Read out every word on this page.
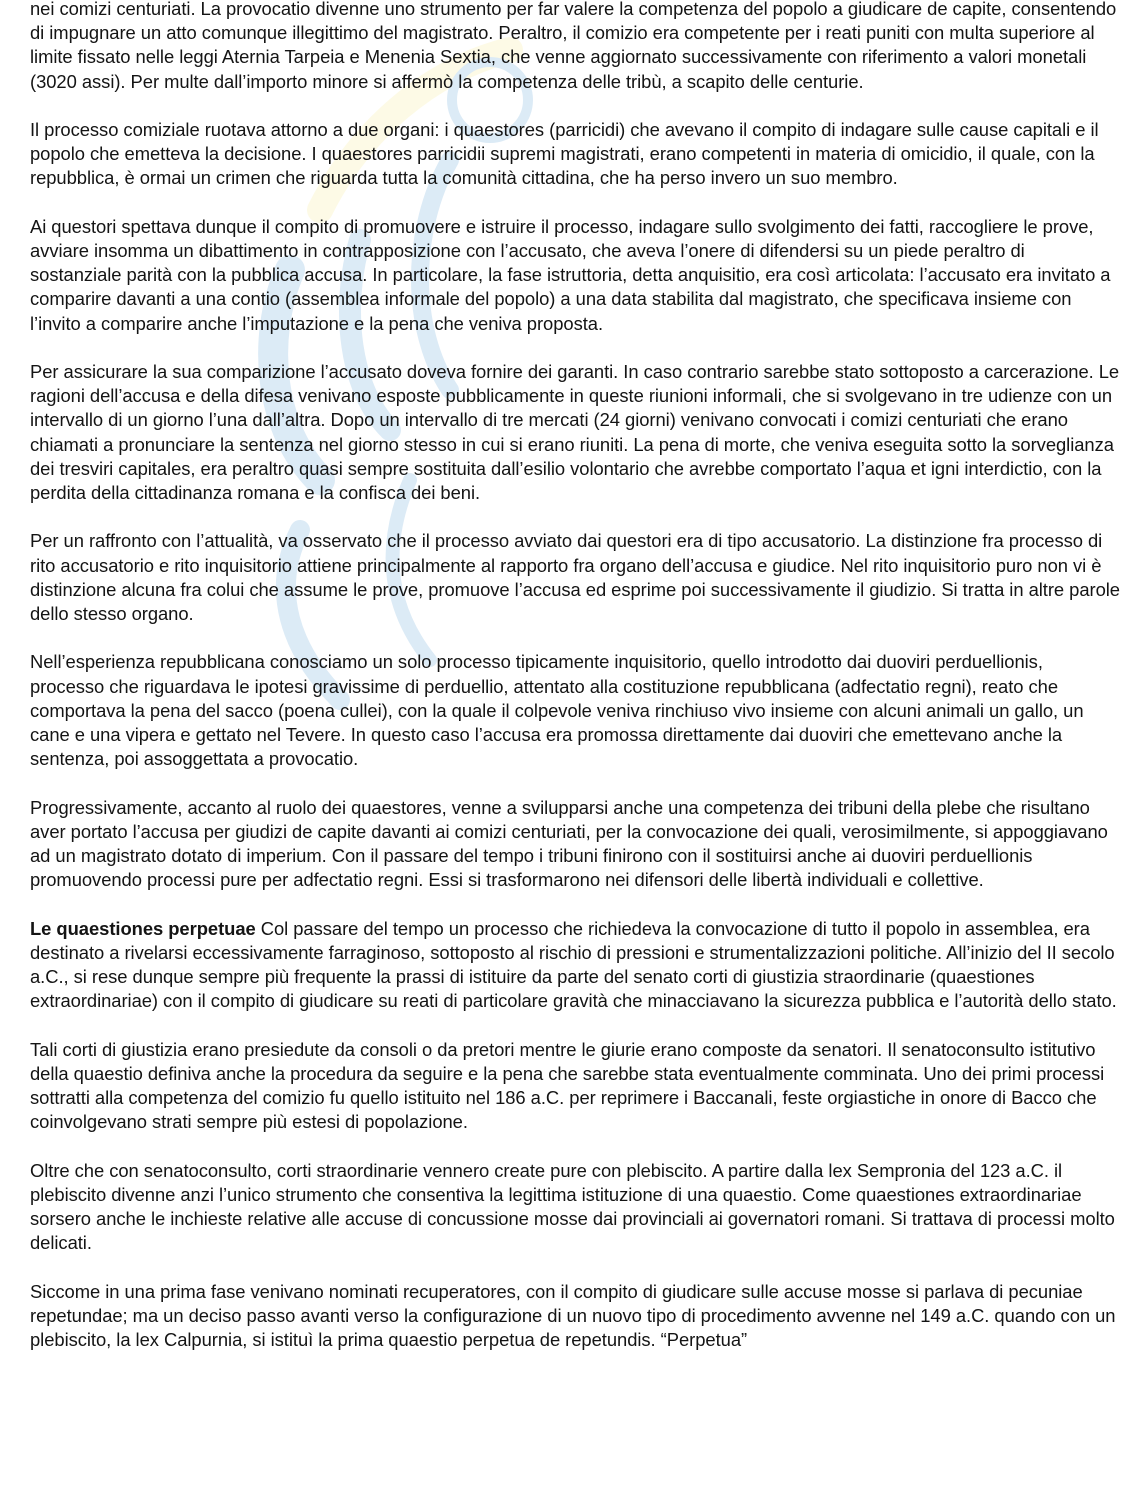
nei comizi centuriati. La provocatio divenne uno strumento per far valere la competenza del popolo a giudicare de capite, consentendo di impugnare un atto comunque illegittimo del magistrato. Peraltro, il comizio era competente per i reati puniti con multa superiore al limite fissato nelle leggi Aternia Tarpeia e Menenia Sextia, che venne aggiornato successivamente con riferimento a valori monetali (3020 assi). Per multe dall’importo minore si affermò la competenza delle tribù, a scapito delle centurie.

Il processo comiziale ruotava attorno a due organi: i quaestores (parricidi) che avevano il compito di indagare sulle cause capitali e il popolo che emetteva la decisione. I quaestores parricidii supremi magistrati, erano competenti in materia di omicidio, il quale, con la repubblica, è ormai un crimen che riguarda tutta la comunità cittadina, che ha perso invero un suo membro.

Ai questori spettava dunque il compito di promuovere e istruire il processo, indagare sullo svolgimento dei fatti, raccogliere le prove, avviare insomma un dibattimento in contrapposizione con l’accusato, che aveva l’onere di difendersi su un piede peraltro di sostanziale parità con la pubblica accusa. In particolare, la fase istruttoria, detta anquisitio, era così articolata: l’accusato era invitato a comparire davanti a una contio (assemblea informale del popolo) a una data stabilita dal magistrato, che specificava insieme con l’invito a comparire anche l’imputazione e la pena che veniva proposta.

Per assicurare la sua comparizione l’accusato doveva fornire dei garanti. In caso contrario sarebbe stato sottoposto a carcerazione. Le ragioni dell’accusa e della difesa venivano esposte pubblicamente in queste riunioni informali, che si svolgevano in tre udienze con un intervallo di un giorno l’una dall’altra. Dopo un intervallo di tre mercati (24 giorni) venivano convocati i comizi centuriati che erano chiamati a pronunciare la sentenza nel giorno stesso in cui si erano riuniti. La pena di morte, che veniva eseguita sotto la sorveglianza dei tresviri capitales, era peraltro quasi sempre sostituita dall’esilio volontario che avrebbe comportato l’aqua et igni interdictio, con la perdita della cittadinanza romana e la confisca dei beni.

Per un raffronto con l’attualità, va osservato che il processo avviato dai questori era di tipo accusatorio. La distinzione fra processo di rito accusatorio e rito inquisitorio attiene principalmente al rapporto fra organo dell’accusa e giudice. Nel rito inquisitorio puro non vi è distinzione alcuna fra colui che assume le prove, promuove l’accusa ed esprime poi successivamente il giudizio. Si tratta in altre parole dello stesso organo.

Nell’esperienza repubblicana conosciamo un solo processo tipicamente inquisitorio, quello introdotto dai duoviri perduellionis, processo che riguardava le ipotesi gravissime di perduellio, attentato alla costituzione repubblicana (adfectatio regni), reato che comportava la pena del sacco (poena cullei), con la quale il colpevole veniva rinchiuso vivo insieme con alcuni animali un gallo, un cane e una vipera e gettato nel Tevere. In questo caso l’accusa era promossa direttamente dai duoviri che emettevano anche la sentenza, poi assoggettata a provocatio.

Progressivamente, accanto al ruolo dei quaestores, venne a svilupparsi anche una competenza dei tribuni della plebe che risultano aver portato l’accusa per giudizi de capite davanti ai comizi centuriati, per la convocazione dei quali, verosimilmente, si appoggiavano ad un magistrato dotato di imperium. Con il passare del tempo i tribuni finirono con il sostituirsi anche ai duoviri perduellionis promuovendo processi pure per adfectatio regni. Essi si trasformarono nei difensori delle libertà individuali e collettive.

Le quaestiones perpetuae Col passare del tempo un processo che richiedeva la convocazione di tutto il popolo in assemblea, era destinato a rivelarsi eccessivamente farraginoso, sottoposto al rischio di pressioni e strumentalizzazioni politiche. All’inizio del II secolo a.C., si rese dunque sempre più frequente la prassi di istituire da parte del senato corti di giustizia straordinarie (quaestiones extraordinariae) con il compito di giudicare su reati di particolare gravità che minacciavano la sicurezza pubblica e l’autorità dello stato.

Tali corti di giustizia erano presiedute da consoli o da pretori mentre le giurie erano composte da senatori. Il senatoconsulto istitutivo della quaestio definiva anche la procedura da seguire e la pena che sarebbe stata eventualmente comminata. Uno dei primi processi sottratti alla competenza del comizio fu quello istituito nel 186 a.C. per reprimere i Baccanali, feste orgiastiche in onore di Bacco che coinvolgevano strati sempre più estesi di popolazione.

Oltre che con senatoconsulto, corti straordinarie vennero create pure con plebiscito. A partire dalla lex Sempronia del 123 a.C. il plebiscito divenne anzi l’unico strumento che consentiva la legittima istituzione di una quaestio. Come quaestiones extraordinariae sorsero anche le inchieste relative alle accuse di concussione mosse dai provinciali ai governatori romani. Si trattava di processi molto delicati.

Siccome in una prima fase venivano nominati recuperatores, con il compito di giudicare sulle accuse mosse si parlava di pecuniae repetundae; ma un deciso passo avanti verso la configurazione di un nuovo tipo di procedimento avvenne nel 149 a.C. quando con un plebiscito, la lex Calpurnia, si istituì la prima quaestio perpetua de repetundis. “Perpetua”
